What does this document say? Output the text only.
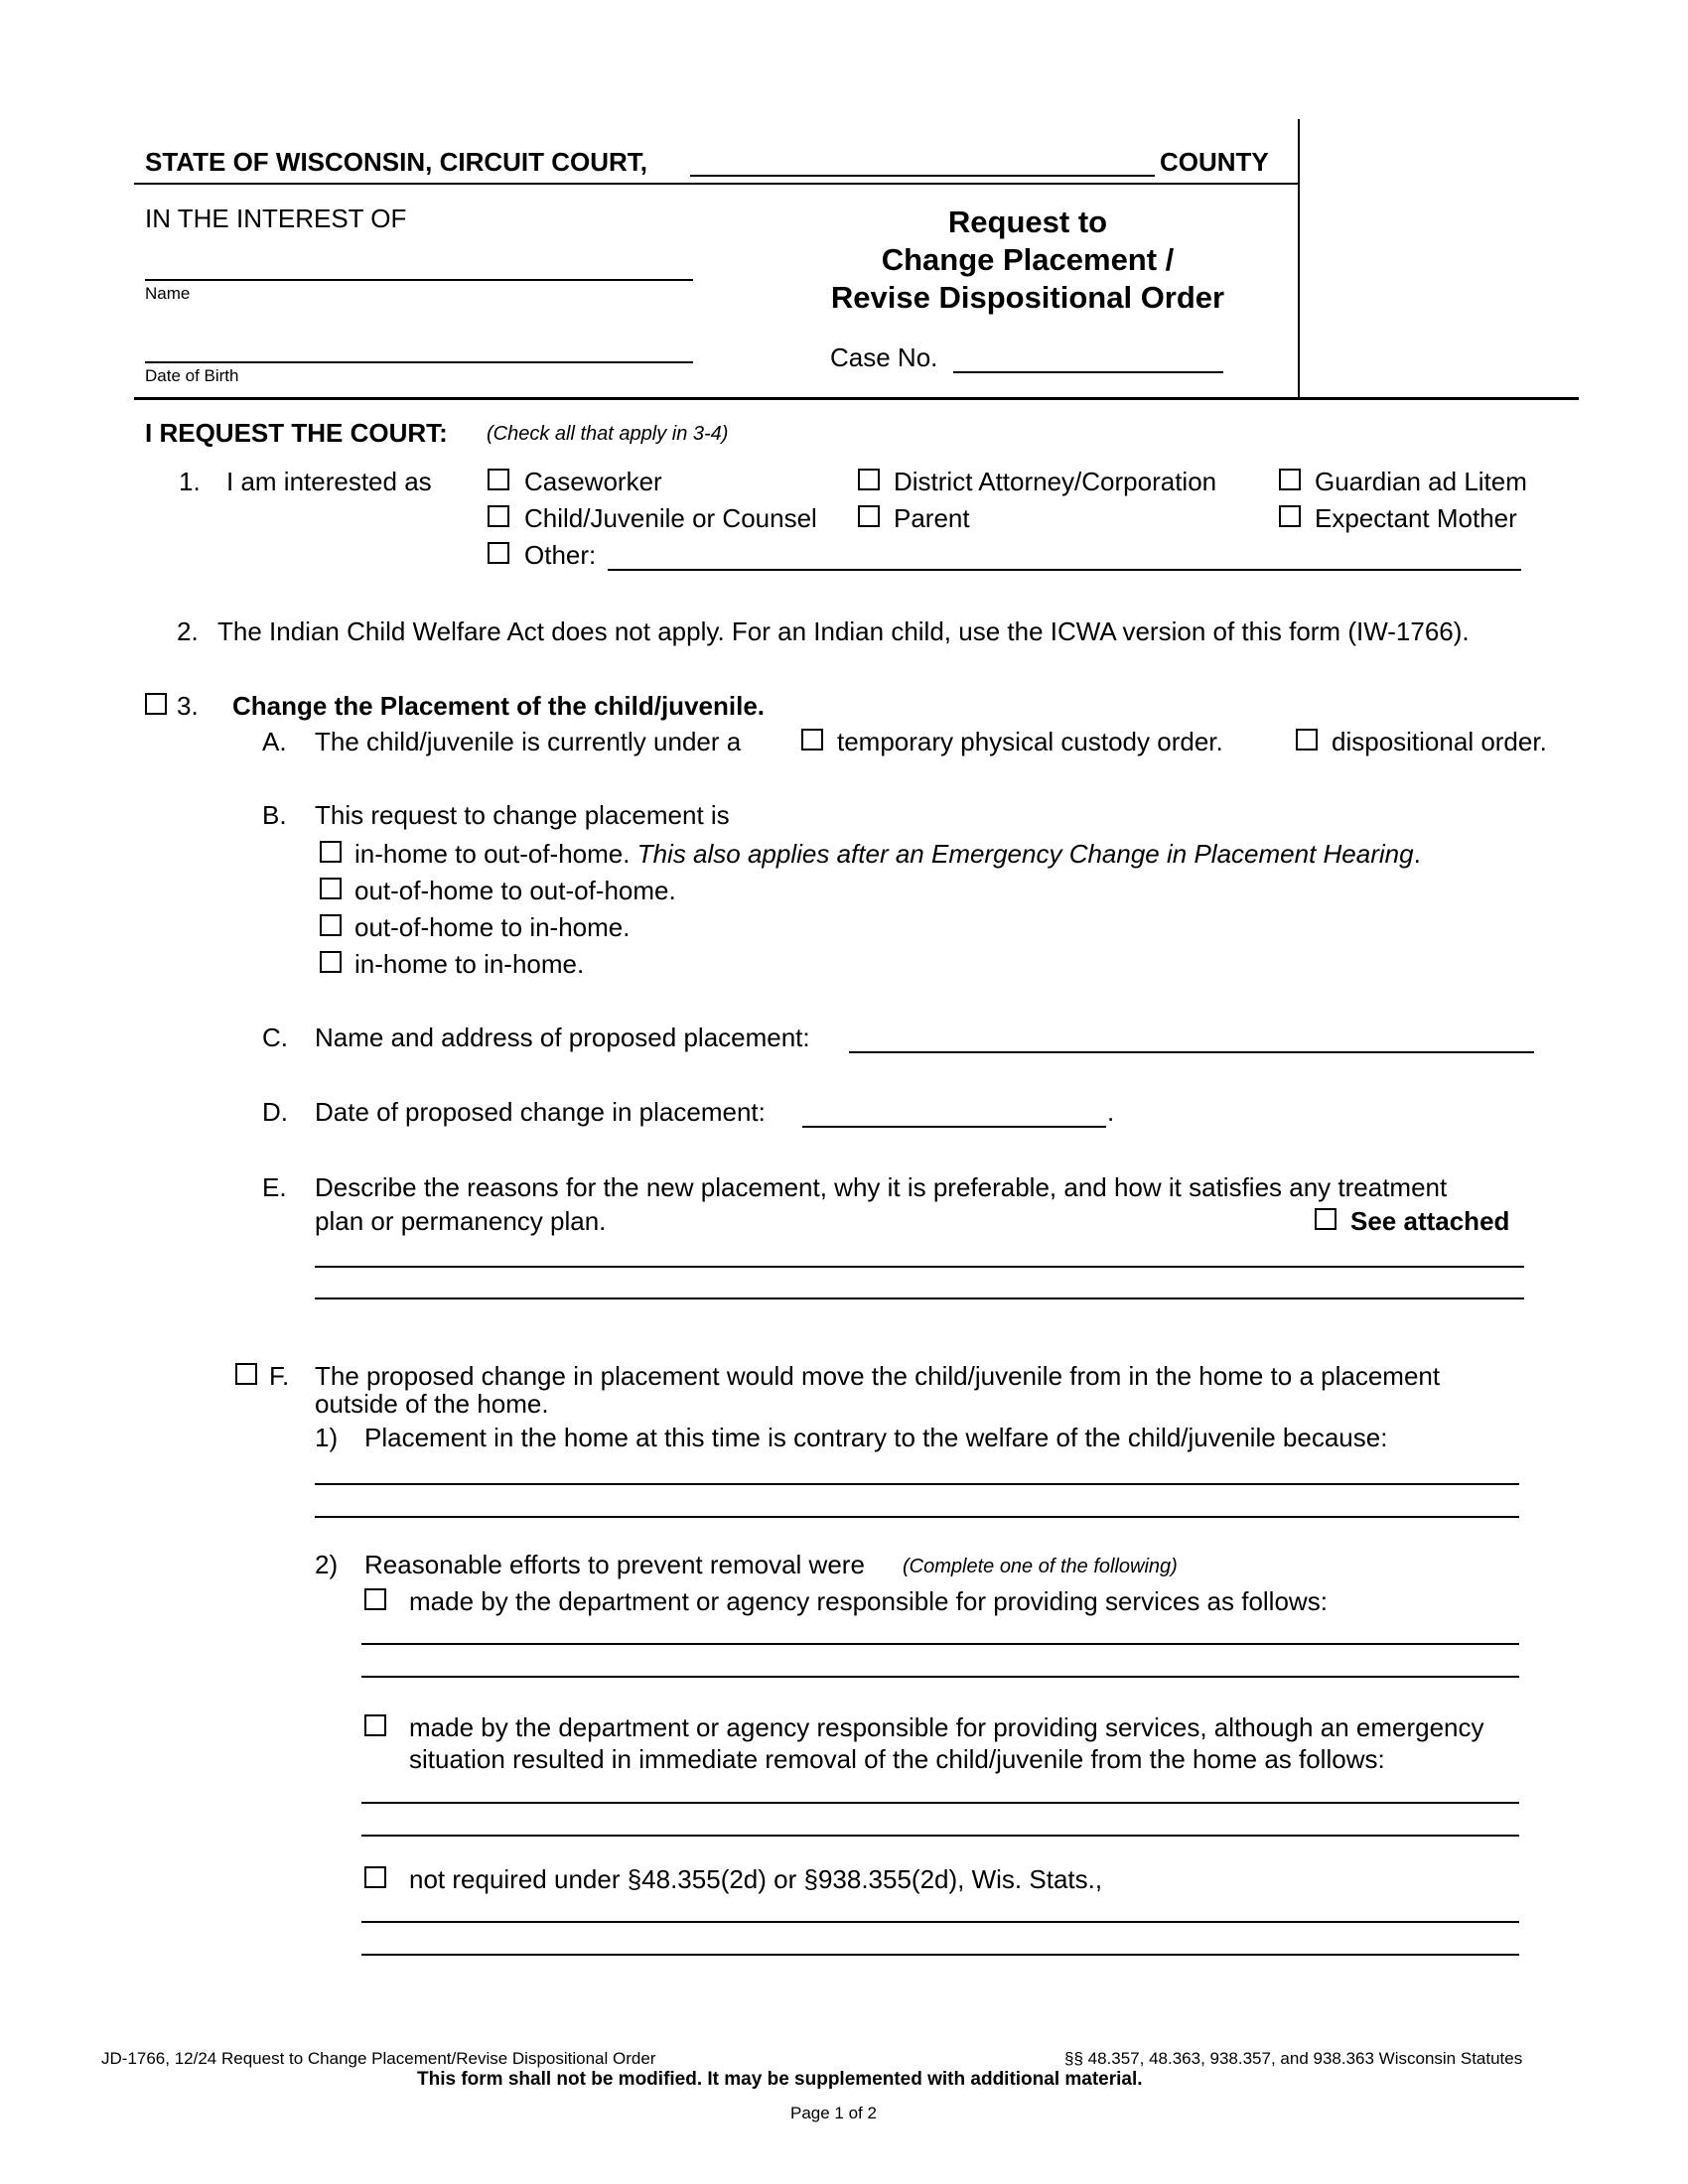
STATE OF WISCONSIN, CIRCUIT COURT,	COUNTY
IN THE INTEREST OF
Name
Date of Birth
Request to
Change Placement /
Revise Dispositional Order
Case No.
I REQUEST THE COURT: (Check all that apply in 3-4)
1. I am interested as	Caseworker	District Attorney/Corporation	Guardian ad Litem
Child/Juvenile or Counsel	Parent	Expectant Mother
Other:
2. The Indian Child Welfare Act does not apply. For an Indian child, use the ICWA version of this form (IW-1766).
3. Change the Placement of the child/juvenile.
A. The child/juvenile is currently under a	temporary physical custody order.	dispositional order.
B. This request to change placement is
in-home to out-of-home. This also applies after an Emergency Change in Placement Hearing.
out-of-home to out-of-home.
out-of-home to in-home.
in-home to in-home.
C. Name and address of proposed placement:
D. Date of proposed change in placement:	.
E. Describe the reasons for the new placement, why it is preferable, and how it satisfies any treatment
plan or permanency plan.	See attached
F. The proposed change in placement would move the child/juvenile from in the home to a placement
outside of the home.
1) Placement in the home at this time is contrary to the welfare of the child/juvenile because:
2) Reasonable efforts to prevent removal were (Complete one of the following)
made by the department or agency responsible for providing services as follows:
made by the department or agency responsible for providing services, although an emergency
situation resulted in immediate removal of the child/juvenile from the home as follows:
not required under §48.355(2d) or §938.355(2d), Wis. Stats.,
JD-1766, 12/24 Request to Change Placement/Revise Dispositional Order	§§ 48.357, 48.363, 938.357, and 938.363 Wisconsin Statutes
This form shall not be modified. It may be supplemented with additional material.
Page 1 of 2
